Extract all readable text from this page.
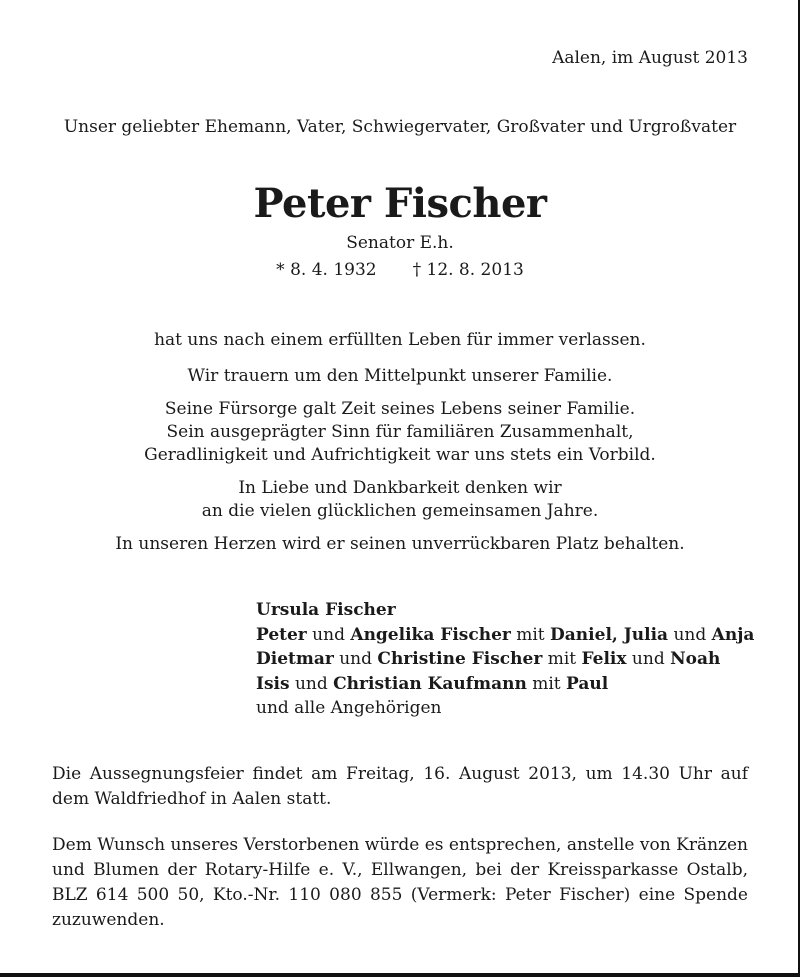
Aalen, im August 2013
Unser geliebter Ehemann, Vater, Schwiegervater, Großvater und Urgroßvater
Peter Fischer
Senator E.h.
* 8. 4. 1932 † 12. 8. 2013
hat uns nach einem erfüllten Leben für immer verlassen.
Wir trauern um den Mittelpunkt unserer Familie.
Seine Fürsorge galt Zeit seines Lebens seiner Familie.
Sein ausgeprägter Sinn für familiären Zusammenhalt,
Geradlinigkeit und Aufrichtigkeit war uns stets ein Vorbild.
In Liebe und Dankbarkeit denken wir
an die vielen glücklichen gemeinsamen Jahre.
In unseren Herzen wird er seinen unverrückbaren Platz behalten.
Ursula Fischer
Peter und Angelika Fischer mit Daniel, Julia und Anja
Dietmar und Christine Fischer mit Felix und Noah
Isis und Christian Kaufmann mit Paul
und alle Angehörigen
Die Aussegnungsfeier findet am Freitag, 16. August 2013, um 14.30 Uhr auf dem Waldfriedhof in Aalen statt.
Dem Wunsch unseres Verstorbenen würde es entsprechen, anstelle von Kränzen und Blumen der Rotary-Hilfe e. V., Ellwangen, bei der Kreissparkasse Ostalb, BLZ 614 500 50, Kto.-Nr. 110 080 855 (Vermerk: Peter Fischer) eine Spende zuzuwenden.
